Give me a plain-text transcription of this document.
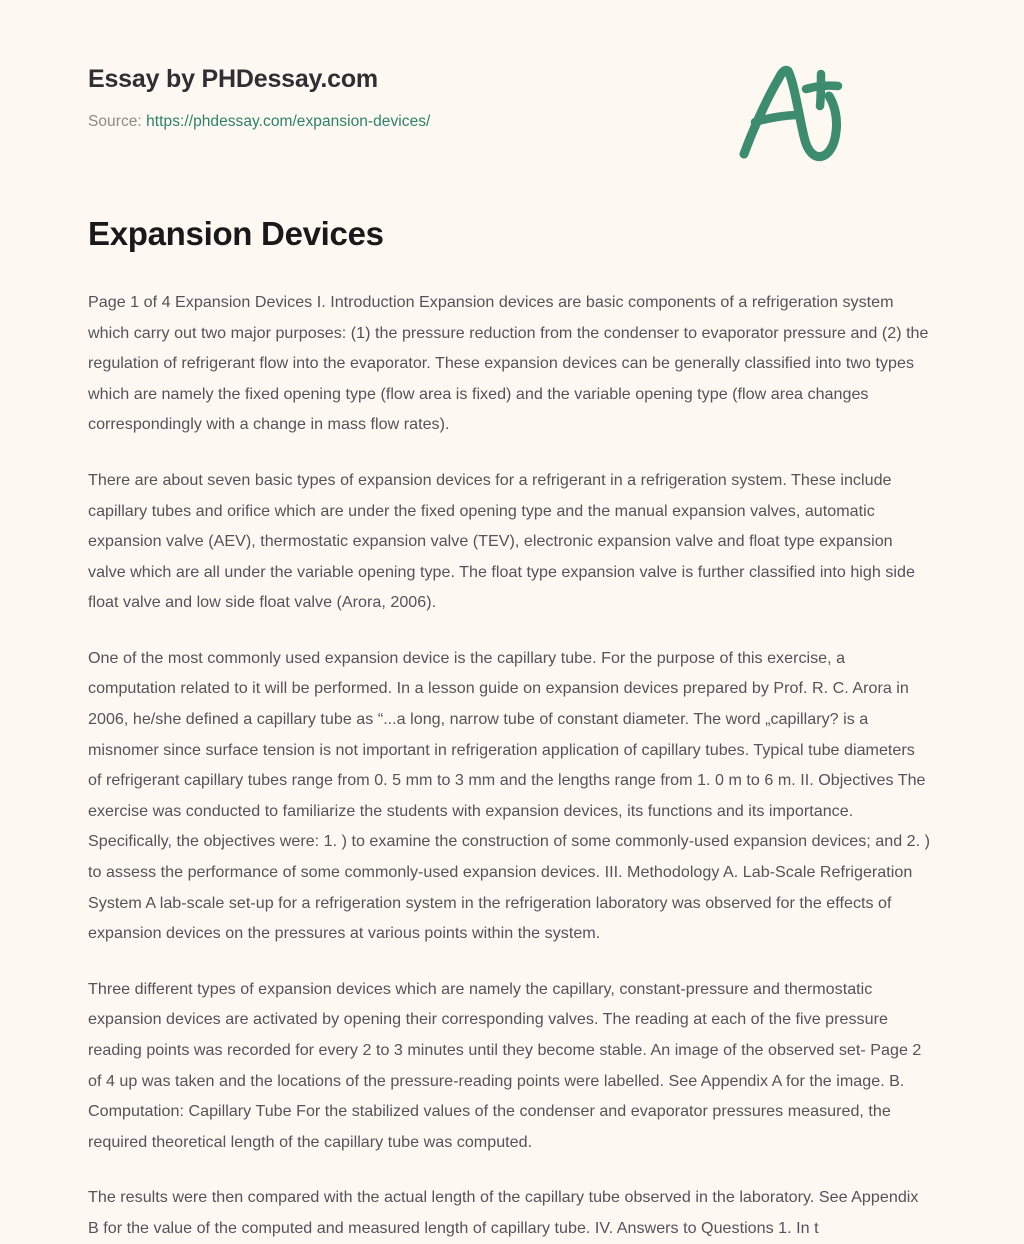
Essay by PHDessay.com
Source: https://phdessay.com/expansion-devices/
Expansion Devices

Page 1 of 4 Expansion Devices I. Introduction Expansion devices are basic components of a refrigeration system which carry out two major purposes: (1) the pressure reduction from the condenser to evaporator pressure and (2) the regulation of refrigerant flow into the evaporator. These expansion devices can be generally classified into two types which are namely the fixed opening type (flow area is fixed) and the variable opening type (flow area changes correspondingly with a change in mass flow rates).

There are about seven basic types of expansion devices for a refrigerant in a refrigeration system. These include capillary tubes and orifice which are under the fixed opening type and the manual expansion valves, automatic expansion valve (AEV), thermostatic expansion valve (TEV), electronic expansion valve and float type expansion valve which are all under the variable opening type. The float type expansion valve is further classified into high side float valve and low side float valve (Arora, 2006).

One of the most commonly used expansion device is the capillary tube. For the purpose of this exercise, a computation related to it will be performed. In a lesson guide on expansion devices prepared by Prof. R. C. Arora in 2006, he/she defined a capillary tube as “...a long, narrow tube of constant diameter. The word „capillary? is a misnomer since surface tension is not important in refrigeration application of capillary tubes. Typical tube diameters of refrigerant capillary tubes range from 0. 5 mm to 3 mm and the lengths range from 1. 0 m to 6 m. II. Objectives The exercise was conducted to familiarize the students with expansion devices, its functions and its importance. Specifically, the objectives were: 1. ) to examine the construction of some commonly-used expansion devices; and 2. ) to assess the performance of some commonly-used expansion devices. III. Methodology A. Lab-Scale Refrigeration System A lab-scale set-up for a refrigeration system in the refrigeration laboratory was observed for the effects of expansion devices on the pressures at various points within the system.

Three different types of expansion devices which are namely the capillary, constant-pressure and thermostatic expansion devices are activated by opening their corresponding valves. The reading at each of the five pressure reading points was recorded for every 2 to 3 minutes until they become stable. An image of the observed set- Page 2 of 4 up was taken and the locations of the pressure-reading points were labelled. See Appendix A for the image. B. Computation: Capillary Tube For the stabilized values of the condenser and evaporator pressures measured, the required theoretical length of the capillary tube was computed.

The results were then compared with the actual length of the capillary tube observed in the laboratory. See Appendix B for the value of the computed and measured length of capillary tube. IV. Answers to Questions 1. In t
